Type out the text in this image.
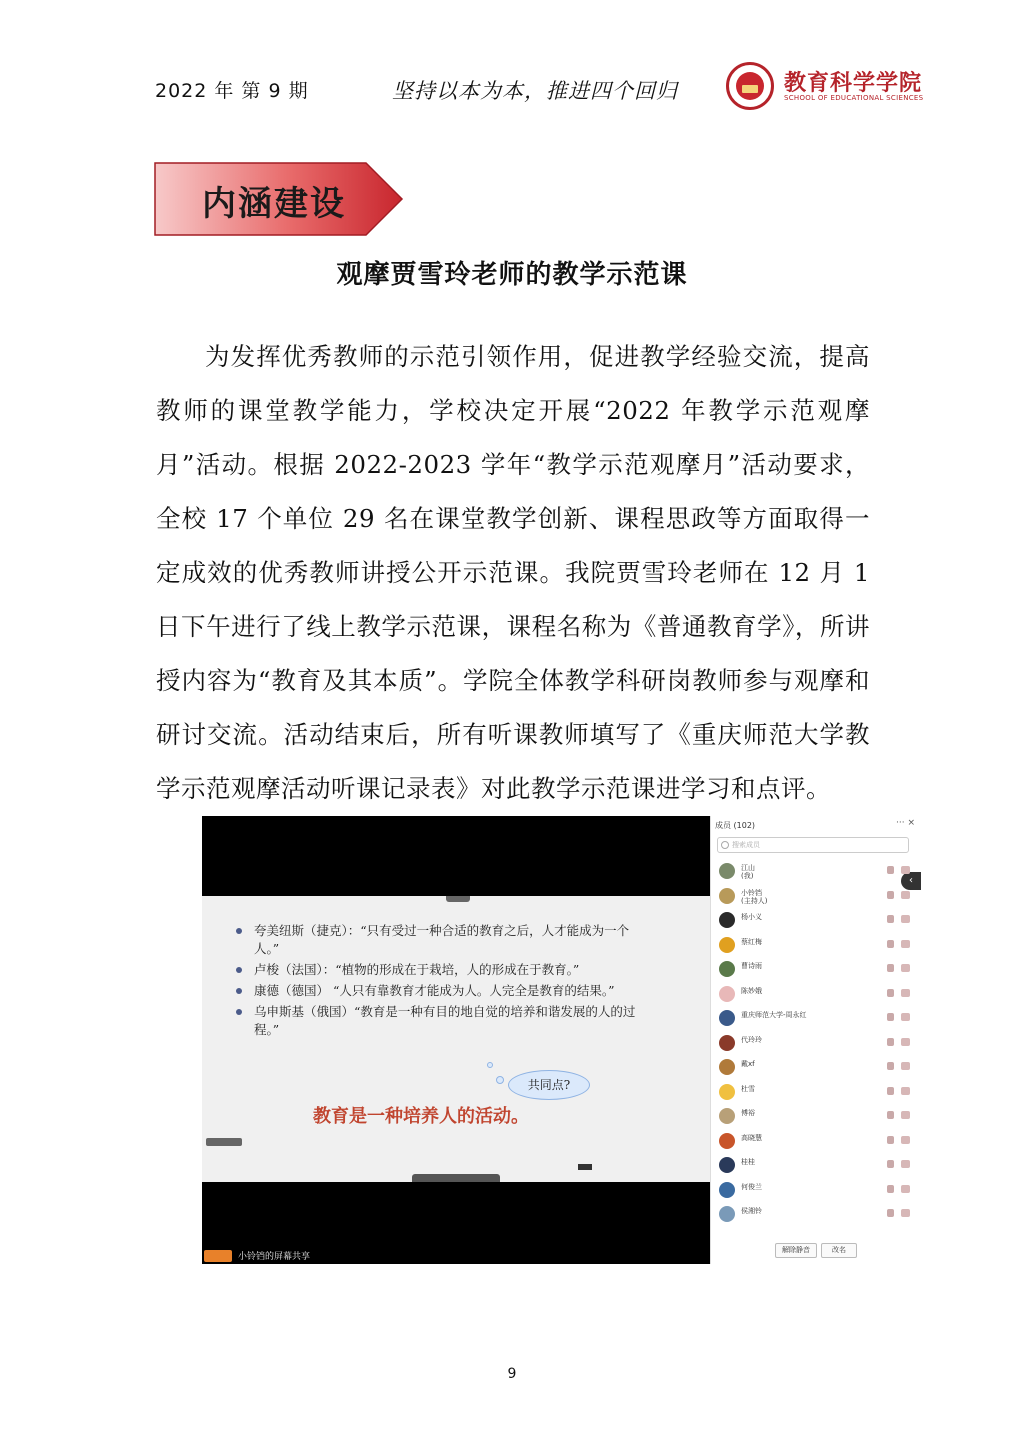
2022 年 第 9 期	坚持以本为本，推进四个回归	教育科学学院
SCHOOL OF EDUCATIONAL SCIENCES
内涵建设
观摩贾雪玲老师的教学示范课

为发挥优秀教师的示范引领作用，促进教学经验交流，提高教师的课堂教学能力，学校决定开展“2022 年教学示范观摩月”活动。根据 2022-2023 学年“教学示范观摩月”活动要求，全校 17 个单位 29 名在课堂教学创新、课程思政等方面取得一定成效的优秀教师讲授公开示范课。我院贾雪玲老师在 12 月 1 日下午进行了线上教学示范课，课程名称为《普通教育学》，所讲授内容为“教育及其本质”。学院全体教学科研岗教师参与观摩和研讨交流。活动结束后，所有听课教师填写了《重庆师范大学教学示范观摩活动听课记录表》对此教学示范课进学习和点评。

夸美纽斯（捷克）：“只有受过一种合适的教育之后，人才能成为一个人。”
卢梭（法国）：“植物的形成在于栽培，人的形成在于教育。”
康德（德国） “人只有靠教育才能成为人。人完全是教育的结果。”
乌申斯基（俄国）“教育是一种有目的地自觉的培养和谐发展的人的过程。”
共同点?
教育是一种培养人的活动。
小铃铛的屏幕共享
成员 (102)	··· ×
搜索成员
‹
江山
(我)
小铃铛
(主持人)
杨小义
蔡红梅
曹诗雨
陈妙娥
重庆师范大学-周永红
代玲玲
戴xf
杜雪
傅裕
高晓慧
桂桂
何俊兰
侯湘铃
解除静音	改名
9
